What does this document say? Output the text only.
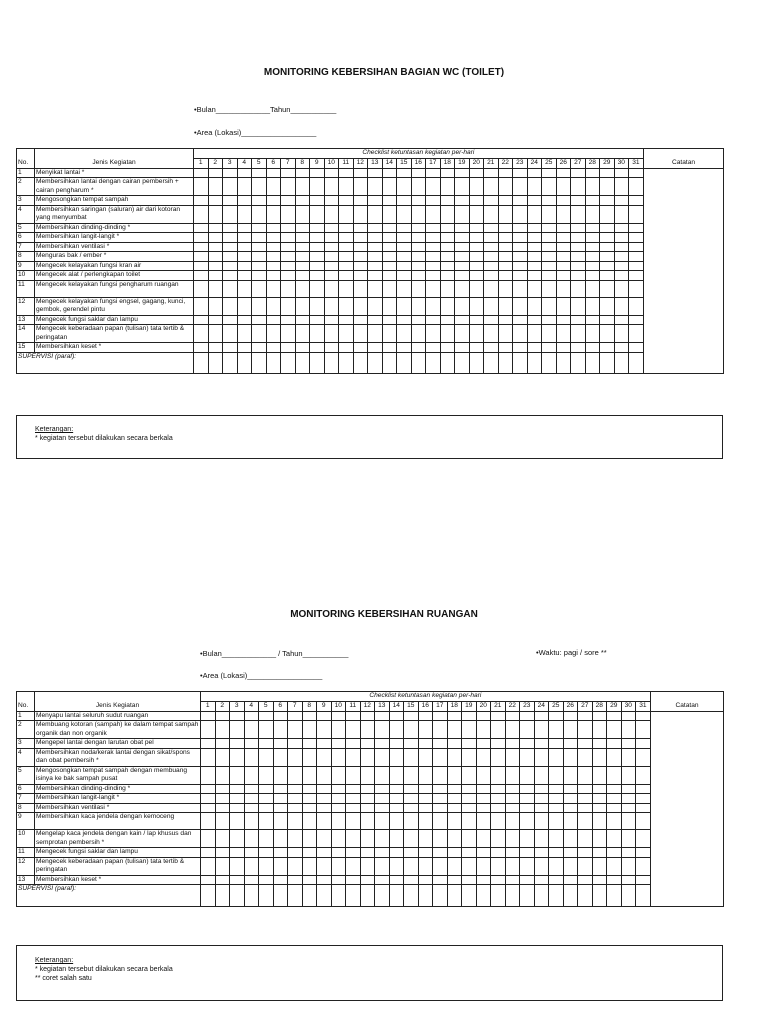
MONITORING KEBERSIHAN BAGIAN WC (TOILET)
•Bulan_____________Tahun___________
•Area (Lokasi)__________________
No.	Jenis Kegiatan	Checklist ketuntasan kegiatan per-hari																															Catatan
		1	2	3	4	5	6	7	8	9	10	11	12	13	14	15	16	17	18	19	20	21	22	23	24	25	26	27	28	29	30	31	
1	Menyikat lantai *																																
2	Membersihkan lantai dengan cairan pembersih + cairan pengharum *																																
3	Mengosongkan tempat sampah																																
4	Membersihkan saringan (saluran) air dari kotoran yang menyumbat																																
5	Membersihkan dinding-dinding *																																
6	Membersihkan langit-langit *																																
7	Membersihkan ventilasi *																																
8	Menguras bak / ember *																																
9	Mengecek kelayakan fungsi kran air																																
10	Mengecek alat / perlengkapan toilet																																
11	Mengecek kelayakan fungsi pengharum ruangan																																
12	Mengecek kelayakan fungsi engsel, gagang, kunci, gembok, gerendel pintu																																
13	Mengecek fungsi saklar dan lampu																																
14	Mengecek keberadaan papan (tulisan) tata tertib & peringatan																																
15	Membersihkan keset *																																
SUPERVISI (paraf):																																	
Keterangan:
* kegiatan tersebut dilakukan secara berkala
MONITORING KEBERSIHAN RUANGAN
•Bulan_____________ / Tahun___________	•Waktu: pagi / sore **
•Area (Lokasi)__________________
No.	Jenis Kegiatan	Checklist ketuntasan kegiatan per-hari																															Catatan
		1	2	3	4	5	6	7	8	9	10	11	12	13	14	15	16	17	18	19	20	21	22	23	24	25	26	27	28	29	30	31	
1	Menyapu lantai seluruh sudut ruangan																																
2	Membuang kotoran (sampah) ke dalam tempat sampah organik dan non organik																																
3	Mengepel lantai dengan larutan obat pel																																
4	Membersihkan noda/kerak lantai dengan sikat/spons dan obat pembersih *																																
5	Mengosongkan tempat sampah dengan membuang isinya ke bak sampah pusat																																
6	Membersihkan dinding-dinding *																																
7	Membersihkan langit-langit *																																
8	Membersihkan ventilasi *																																
9	Membersihkan kaca jendela dengan kemoceng																																
10	Mengelap kaca jendela dengan kain / lap khusus dan semprotan pembersih *																																
11	Mengecek fungsi saklar dan lampu																																
12	Mengecek keberadaan papan (tulisan) tata tertib & peringatan																																
13	Membersihkan keset *																																
SUPERVISI (paraf):																																	
Keterangan:
* kegiatan tersebut dilakukan secara berkala
** coret salah satu
